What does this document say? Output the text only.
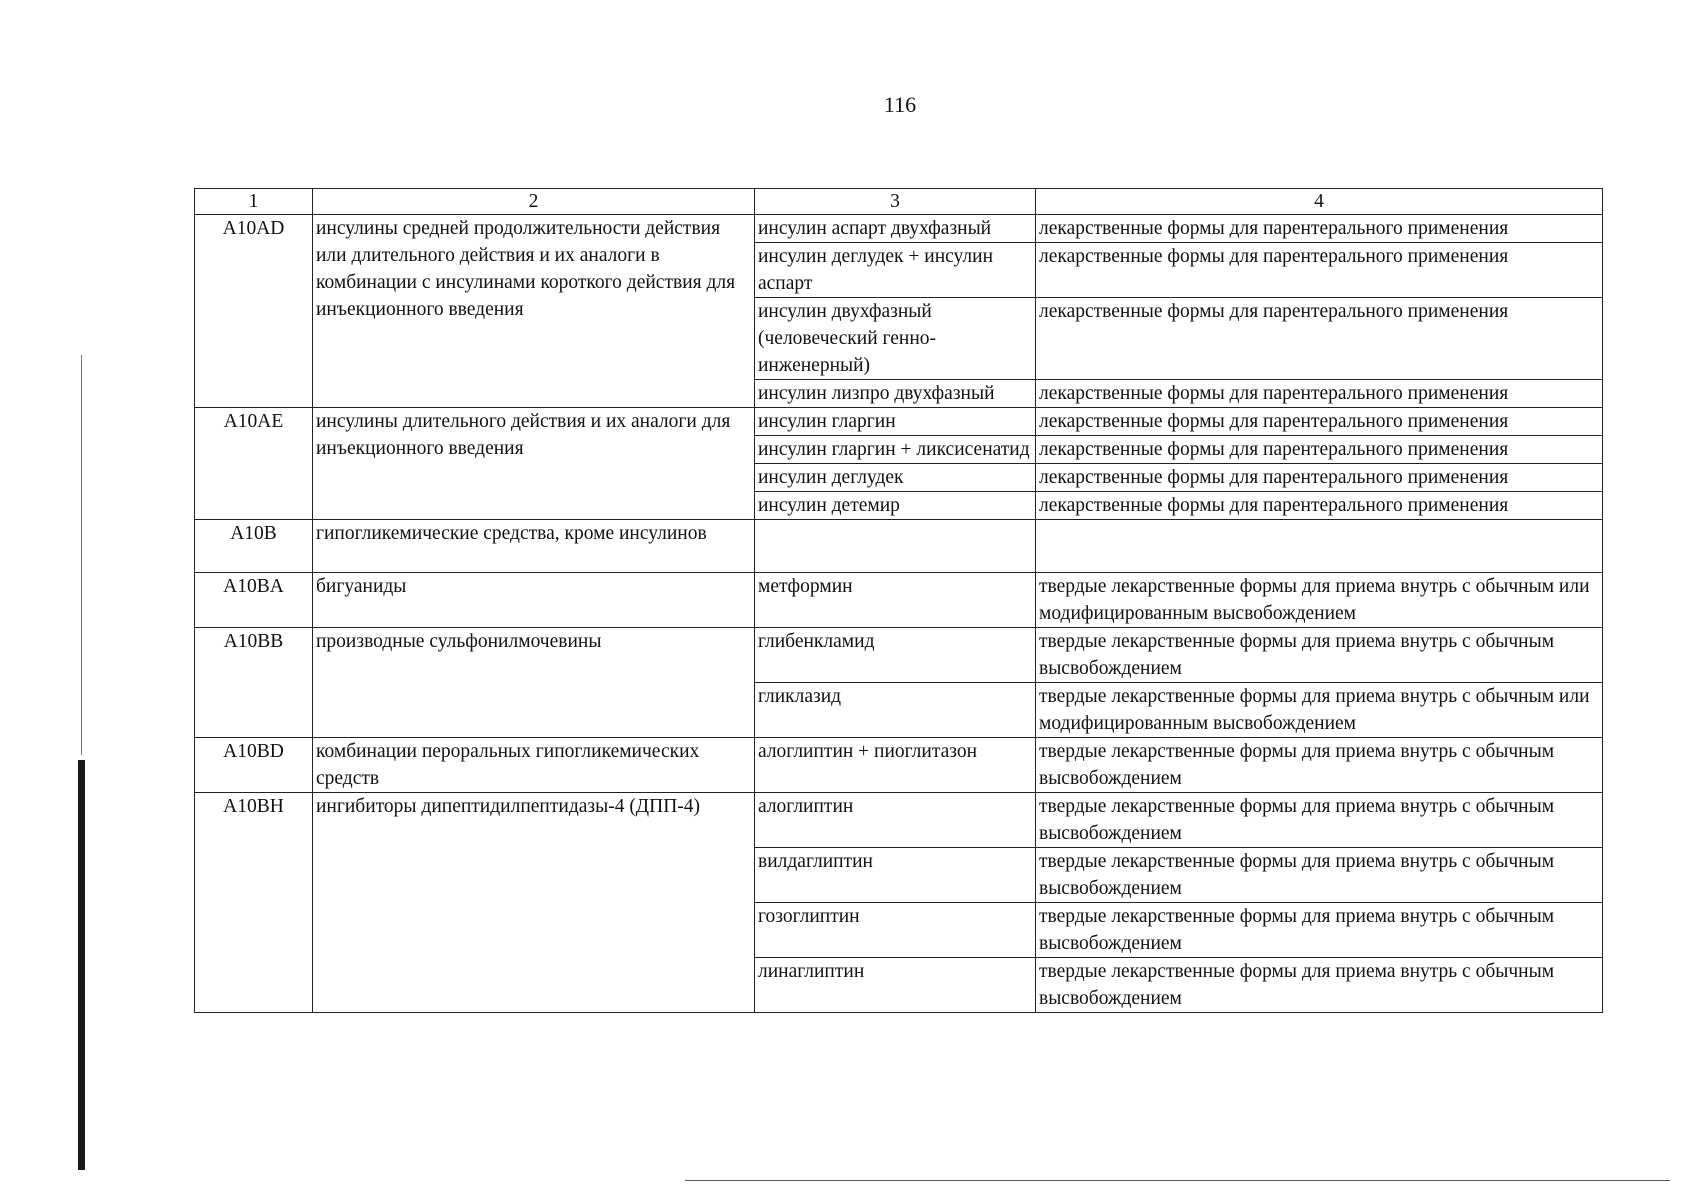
116
1	2	3	4
A10AD	инсулины средней продолжительности действия или длительного действия и их аналоги в комбинации с инсулинами короткого действия для инъекционного введения	инсулин аспарт двухфазный	лекарственные формы для парентерального применения
		инсулин деглудек + инсулин аспарт	лекарственные формы для парентерального применения
		инсулин двухфазный (человеческий генно-инженерный)	лекарственные формы для парентерального применения
		инсулин лизпро двухфазный	лекарственные формы для парентерального применения
A10AE	инсулины длительного действия и их аналоги для инъекционного введения	инсулин гларгин	лекарственные формы для парентерального применения
		инсулин гларгин + ликсисенатид	лекарственные формы для парентерального применения
		инсулин деглудек	лекарственные формы для парентерального применения
		инсулин детемир	лекарственные формы для парентерального применения
A10B	гипогликемические средства, кроме инсулинов		
A10BA	бигуаниды	метформин	твердые лекарственные формы для приема внутрь с обычным или модифицированным высвобождением
A10BB	производные сульфонилмочевины	глибенкламид	твердые лекарственные формы для приема внутрь с обычным высвобождением
		гликлазид	твердые лекарственные формы для приема внутрь с обычным или модифицированным высвобождением
A10BD	комбинации пероральных гипогликемических средств	алоглиптин + пиоглитазон	твердые лекарственные формы для приема внутрь с обычным высвобождением
A10BH	ингибиторы дипептидилпептидазы-4 (ДПП-4)	алоглиптин	твердые лекарственные формы для приема внутрь с обычным высвобождением
		вилдаглиптин	твердые лекарственные формы для приема внутрь с обычным высвобождением
		гозоглиптин	твердые лекарственные формы для приема внутрь с обычным высвобождением
		линаглиптин	твердые лекарственные формы для приема внутрь с обычным высвобождением
